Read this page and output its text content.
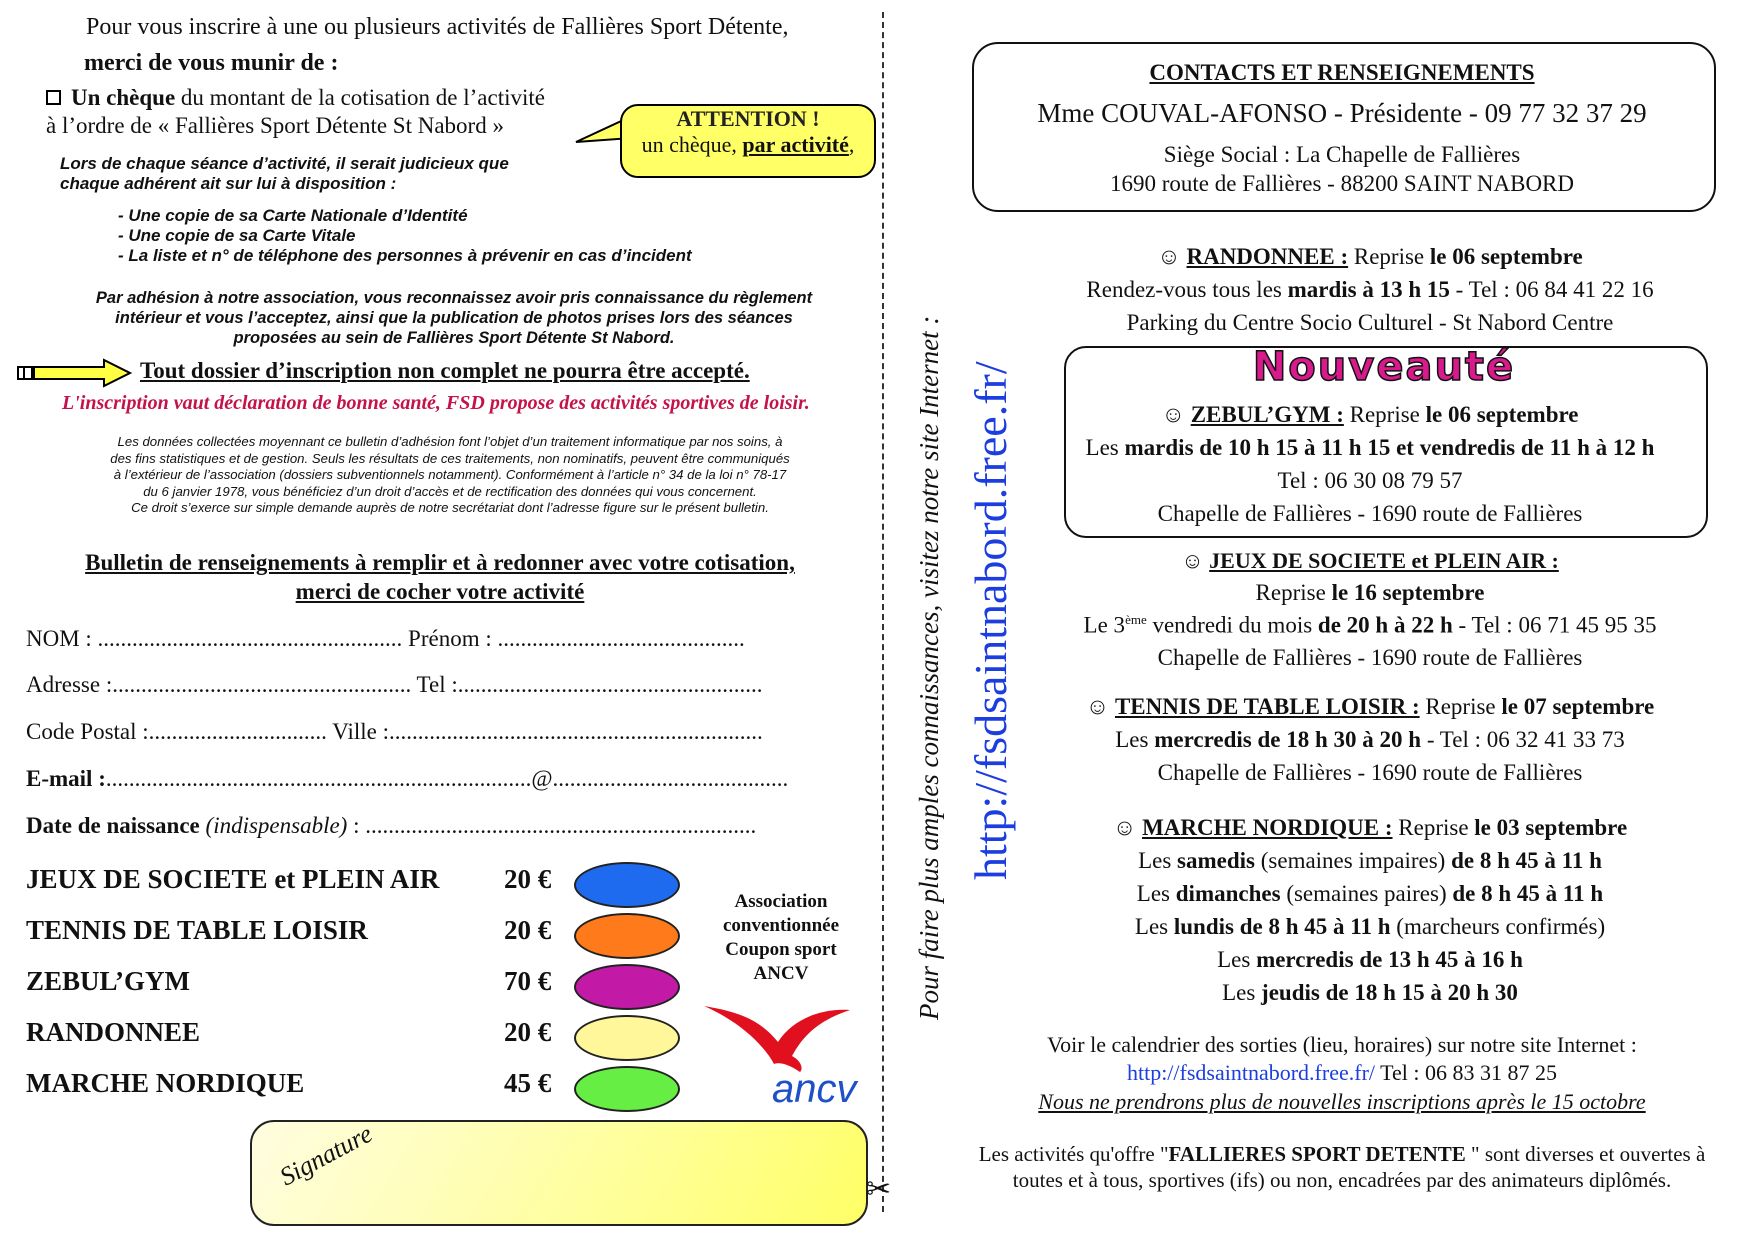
Pour vous inscrire à une ou plusieurs activités de Fallières Sport Détente,
merci de vous munir de :
Un chèque du montant de la cotisation de l’activité
à l’ordre de « Fallières Sport Détente St Nabord »	ATTENTION !
un chèque, par activité,
Lors de chaque séance d’activité, il serait judicieux que
chaque adhérent ait sur lui à disposition :
- Une copie de sa Carte Nationale d’Identité
- Une copie de sa Carte Vitale
- La liste et n° de téléphone des personnes à prévenir en cas d’incident
Par adhésion à notre association, vous reconnaissez avoir pris connaissance du règlement
intérieur et vous l’acceptez, ainsi que la publication de photos prises lors des séances
proposées au sein de Fallières Sport Détente St Nabord.
Tout dossier d’inscription non complet ne pourra être accepté.
L'inscription vaut déclaration de bonne santé, FSD propose des activités sportives de loisir.
Les données collectées moyennant ce bulletin d’adhésion font l’objet d’un traitement informatique par nos soins, à
des fins statistiques et de gestion. Seuls les résultats de ces traitements, non nominatifs, peuvent être communiqués
à l’extérieur de l’association (dossiers subventionnels notamment). Conformément à l’article n° 34 de la loi n° 78-17
du 6 janvier 1978, vous bénéficiez d’un droit d’accès et de rectification des données qui vous concernent.
Ce droit s’exerce sur simple demande auprès de notre secrétariat dont l’adresse figure sur le présent bulletin.
Bulletin de renseignements à remplir et à redonner avec votre cotisation,
merci de cocher votre activité
NOM : ..................................................... Prénom : ...........................................
Adresse :.................................................... Tel :.....................................................
Code Postal :............................... Ville :.................................................................
E-mail :..........................................................................@.........................................
Date de naissance (indispensable) : ....................................................................
JEUX DE SOCIETE et PLEIN AIR 20 €
TENNIS DE TABLE LOISIR	20 €
ZEBUL’GYM	70 €
RANDONNEE	20 €
MARCHE NORDIQUE	45 €
Association
conventionnée
Coupon sport
ANCV
ancv
Signature	✂
Pour faire plus amples connaissances, visitez notre site Internet : http://fsdsaintnabord.free.fr/
CONTACTS ET RENSEIGNEMENTS
Mme COUVAL-AFONSO - Présidente - 09 77 32 37 29
Siège Social : La Chapelle de Fallières
1690 route de Fallières - 88200 SAINT NABORD
☺ RANDONNEE : Reprise le 06 septembre
Rendez-vous tous les mardis à 13 h 15 - Tel : 06 84 41 22 16
Parking du Centre Socio Culturel - St Nabord Centre
Nouveauté
☺ ZEBUL’GYM : Reprise le 06 septembre
Les mardis de 10 h 15 à 11 h 15 et vendredis de 11 h à 12 h
Tel : 06 30 08 79 57
Chapelle de Fallières - 1690 route de Fallières
☺ JEUX DE SOCIETE et PLEIN AIR :
Reprise le 16 septembre
Le 3ème vendredi du mois de 20 h à 22 h - Tel : 06 71 45 95 35
Chapelle de Fallières - 1690 route de Fallières
☺ TENNIS DE TABLE LOISIR : Reprise le 07 septembre
Les mercredis de 18 h 30 à 20 h - Tel : 06 32 41 33 73
Chapelle de Fallières - 1690 route de Fallières
☺ MARCHE NORDIQUE : Reprise le 03 septembre
Les samedis (semaines impaires) de 8 h 45 à 11 h
Les dimanches (semaines paires) de 8 h 45 à 11 h
Les lundis de 8 h 45 à 11 h (marcheurs confirmés)
Les mercredis de 13 h 45 à 16 h
Les jeudis de 18 h 15 à 20 h 30
Voir le calendrier des sorties (lieu, horaires) sur notre site Internet :
http://fsdsaintnabord.free.fr/ Tel : 06 83 31 87 25
Nous ne prendrons plus de nouvelles inscriptions après le 15 octobre
Les activités qu'offre "FALLIERES SPORT DETENTE " sont diverses et ouvertes à
toutes et à tous, sportives (ifs) ou non, encadrées par des animateurs diplômés.
